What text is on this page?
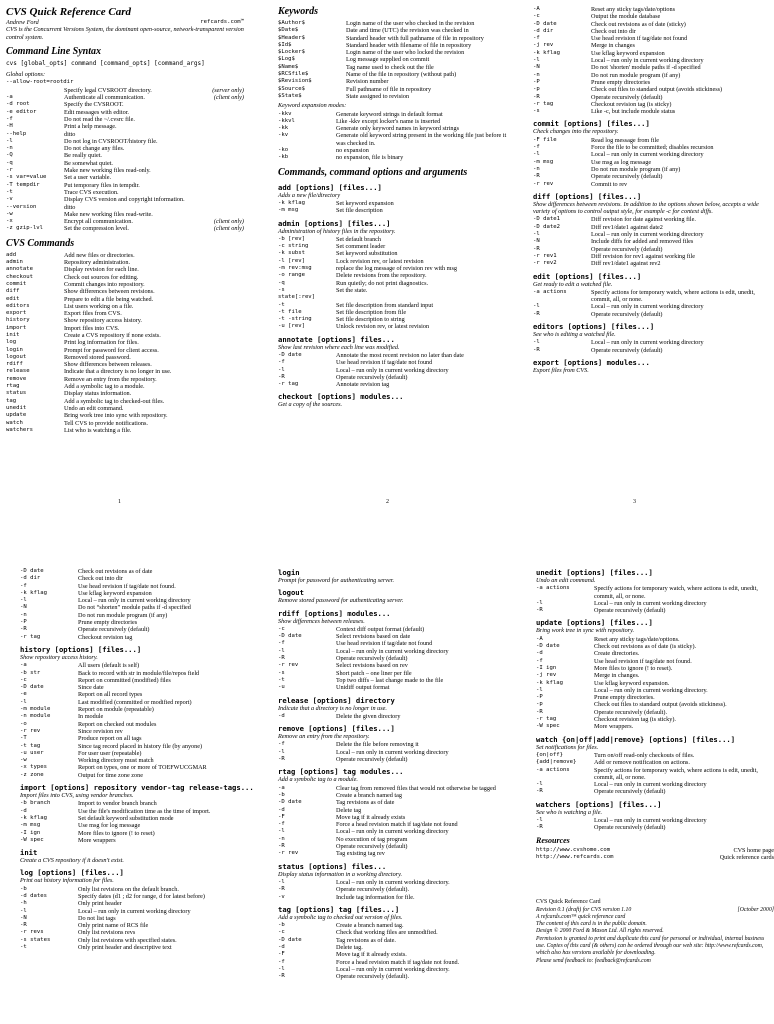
CVS Quick Reference Card
Andrew Ford	refcards.com™
CVS is the Concurrent Versions System, the dominant open-source, network-transparent version control system.
Command Line Syntax
cvs [global_opts] command [command_opts] [command_args]
Global options:
--allow-root=rootdir
	Specify legal CVSROOT directory.	(server only)
-a	Authenticate all communication.	(client only)
-d root	Specify the CVSROOT.	
-e editor	Edit messages with editor.	
-f	Do not read the ~/.cvsrc file.	
-H	Print a help message.	
--help	ditto	
-l	Do not log in CVSROOT/history file.	
-n	Do not change any files.	
-Q	Be really quiet.	
-q	Be somewhat quiet.	
-r	Make new working files read-only.	
-s var=value	Set a user variable.	
-T tempdir	Put temporary files in tempdir.	
-t	Trace CVS execution.	
-v	Display CVS version and copyright information.	
--version	ditto	
-w	Make new working files read-write.	
-x	Encrypt all communication.	(client only)
-z gzip-lvl	Set the compression level.	(client only)
CVS Commands
add	Add new files or directories.
admin	Repository administration.
annotate	Display revision for each line.
checkout	Check out sources for editing.
commit	Commit changes into repository.
diff	Show differences between revisions.
edit	Prepare to edit a file being watched.
editors	List users working on a file.
export	Export files from CVS.
history	Show repository access history.
import	Import files into CVS.
init	Create a CVS repository if none exists.
log	Print log information for files.
login	Prompt for password for client access.
logout	Removed stored password.
rdiff	Show differences between releases.
release	Indicate that a directory is no longer in use.
remove	Remove an entry from the repository.
rtag	Add a symbolic tag to a module.
status	Display status information.
tag	Add a symbolic tag to checked-out files.
unedit	Undo an edit command.
update	Bring work tree into sync with repository.
watch	Tell CVS to provide notifications.
watchers	List who is watching a file.
1
Keywords
$Author$	Login name of the user who checked in the revision
$Date$	Date and time (UTC) the revision was checked in
$Header$	Standard header with full pathname of file in repository
$Id$	Standard header with filename of file in repository
$Locker$	Login name of the user who locked the revision
$Log$	Log message supplied on commit
$Name$	Tag name used to check out the file
$RCSfile$	Name of the file in repository (without path)
$Revision$	Revision number
$Source$	Full pathname of file in repository
$State$	State assigned to revision
Keyword expansion modes:
-kkv	Generate keyword strings in default format
-kkvl	Like -kkv except locker's name is inserted
-kk	Generate only keyword names in keyword strings
-kv	Generate old keyword string present in the working file just before it was checked in.
-ko	no expansion
-kb	no expansion, file is binary
Commands, command options and arguments
add [options] [files...]
Adds a new file/directory
-k kflag	Set keyword expansion
-m msg	Set file description
admin [options] [files...]
Administration of history files in the repository.
-b [rev]	Set default branch
-c string	Set comment leader
-k subst	Set keyword substitution
-l [rev]	Lock revision rev, or latest revision
-m rev:msg	replace the log message of revision rev with msg
-o range	Delete revisions from the repository.
-q	Run quietly; do not print diagnostics.
-s	Set the state.
state[:rev]	
-t	Set file description from standard input
-t file	Set file description from file
-t -string	Set file description to string
-u [rev]	Unlock revision rev, or latest revision
annotate [options] files...
Show last revision where each line was modified.
-D date	Annotate the most recent revision no later than date
-f	Use head revision if tag/date not found
-l	Local – run only in current working directory
-R	Operate recursively (default)
-r tag	Annotate revision tag
checkout [options] modules...
Get a copy of the sources.
2
-A	Reset any sticky tags/date/options
-c	Output the module database
-D date	Check out revisions as of date (sticky)
-d dir	Check out into dir
-f	Use head revision if tag/date not found
-j rev	Merge in changes
-k kflag	Use kflag keyword expansion
-l	Local – run only in current working directory
-N	Do not 'shorten' module paths if -d specified
-n	Do not run module program (if any)
-P	Prune empty directories
-p	Check out files to standard output (avoids stickiness)
-R	Operate recursively (default)
-r tag	Checkout revision tag (is sticky)
-s	Like -c, but include module status
commit [options] [files...]
Check changes into the repository.
-F file	Read log message from file
-f	Force the file to be committed; disables recursion
-l	Local – run only in current working directory
-m msg	Use msg as log message
-n	Do not run module program (if any)
-R	Operate recursively (default)
-r rev	Commit to rev
diff [options] [files...]
Show differences between revisions. In addition to the options shown below, accepts a wide variety of options to control output style, for example -c for context diffs.
-D date1	Diff revision for date against working file.
-D date2	Diff rev1/date1 against date2
-l	Local – run only in current working directory
-N	Include diffs for added and removed files
-R	Operate recursively (default)
-r rev1	Diff revision for rev1 against working file
-r rev2	Diff rev1/date1 against rev2
edit [options] [files...]
Get ready to edit a watched file.
-a actions	Specify actions for temporary watch, where actions is edit, unedit, commit, all, or none.
-l	Local – run only in current working directory
-R	Operate recursively (default)
editors [options] [files...]
See who is editing a watched file.
-l	Local – run only in current working directory
-R	Operate recursively (default)
export [options] modules...
Export files from CVS.
3
-D date	Check out revisions as of date
-d dir	Check out into dir
-f	Use head revision if tag/date not found.
-k kflag	Use kflag keyword expansion
-l	Local – run only in current working directory
-N	Do not “shorten” module paths if -d specified
-n	Do not run module program (if any)
-P	Prune empty directories
-R	Operate recursively (default)
-r tag	Checkout revision tag
history [options] [files...]
Show repository access history.
-a	All users (default is self)
-b str	Back to record with str in module/file/repos field
-c	Report on committed (modified) files
-D date	Since date
-e	Report on all record types
-l	Last modified (committed or modified report)
-m module	Report on module (repeatable)
-n module	In module
-o	Report on checked out modules
-r rev	Since revision rev
-T	Produce report on all tags
-t tag	Since tag record placed in history file (by anyone)
-u user	For user user (repeatable)
-w	Working directory must match
-x types	Report on types, one or more of TOEFWUCGMAR
-z zone	Output for time zone zone
import [options] repository vendor-tag release-tags...
Import files into CVS, using vendor branches.
-b branch	Import to vendor branch branch
-d	Use the file's modification time as the time of import.
-k kflag	Set default keyword substitution mode
-m msg	Use msg for log message
-I ign	More files to ignore (! to reset)
-W spec	More wrappers
init
Create a CVS repository if it doesn't exist.
log [options] [files...]
Print out history information for files.
-b	Only list revisions on the default branch.
-d dates	Specify dates (d1 ; d2 for range, d for latest before)
-h	Only print header
-l	Local – run only in current working directory
-N	Do not list tags
-R	Only print name of RCS file
-r revs	Only list revisions revs
-s states	Only list revisions with specified states.
-t	Only print header and descriptive text
login
Prompt for password for authenticating server.
logout
Remove stored password for authenticating server.
rdiff [options] modules...
Show differences between releases.
-c	Context diff output format (default)
-D date	Select revisions based on date
-f	Use head revision if tag/date not found
-l	Local – run only in current working directory
-R	Operate recursively (default)
-r rev	Select revisions based on rev
-s	Short patch – one liner per file
-t	Top two diffs – last change made to the file
-u	Unidiff output format
release [options] directory
Indicate that a directory is no longer in use.
-d	Delete the given directory
remove [options] [files...]
Remove an entry from the repository.
-f	Delete the file before removing it
-l	Local – run only in current working directory
-R	Operate recursively (default)
rtag [options] tag modules...
Add a symbolic tag to a module.
-a	Clear tag from removed files that would not otherwise be tagged
-b	Create a branch named tag
-D date	Tag revisions as of date
-d	Delete tag
-F	Move tag if it already exists
-f	Force a head revision match if tag/date not found
-l	Local – run only in current working directory
-n	No execution of tag program
-R	Operate recursively (default)
-r rev	Tag existing tag rev
status [options] files...
Display status information in a working directory.
-l	Local – run only in current working directory.
-R	Operate recursively (default).
-v	Include tag information for file.
tag [options] tag [files...]
Add a symbolic tag to checked out version of files.
-b	Create a branch named tag.
-c	Check that working files are unmodified.
-D date	Tag revisions as of date.
-d	Delete tag.
-F	Move tag if it already exists.
-f	Force a head revision match if tag/date not found.
-l	Local – run only in current working directory.
-R	Operate recursively (default).
unedit [options] [files...]
Undo an edit command.
-a actions	Specify actions for temporary watch, where actions is edit, unedit, commit, all, or none.
-l	Local – run only in current working directory
-R	Operate recursively (default)
update [options] [files...]
Bring work tree in sync with repository.
-A	Reset any sticky tags/date/options.
-D date	Check out revisions as of date (is sticky).
-d	Create directories.
-f	Use head revision if tag/date not found.
-I ign	More files to ignore (! to reset).
-j rev	Merge in changes.
-k kflag	Use kflag keyword expansion.
-l	Local – run only in current working directory.
-P	Prune empty directories.
-p	Check out files to standard output (avoids stickiness).
-R	Operate recursively (default).
-r tag	Checkout revision tag (is sticky).
-W spec	More wrappers.
watch {on|off|add|remove} [options] [files...]
Set notifications for files.
{on|off}	Turn on/off read-only checkouts of files.
{add|remove}	Add or remove notification on actions.
-a actions	Specify actions for temporary watch, where actions is edit, unedit, commit, all, or none.
-l	Local – run only in current working directory
-R	Operate recursively (default)
watchers [options] [files...]
See who is watching a file.
-l	Local – run only in current working directory
-R	Operate recursively (default)
Resources
http://www.cvshome.com	CVS home page
http://www.refcards.com	Quick reference cards
CVS Quick Reference Card
Revision 0.1 (draft) for CVS version 1.10	[October 2000]
A refcards.com™ quick reference card
The content of this card is in the public domain.
Design © 2000 Ford & Mason Ltd. All rights reserved.
Permission is granted to print and duplicate this card for personal or individual, internal business use. Copies of this card (& others) can be ordered through our web site: http://www.refcards.com, which also has versions available for downloading.
Please send feedback to: feedback@refcards.com
